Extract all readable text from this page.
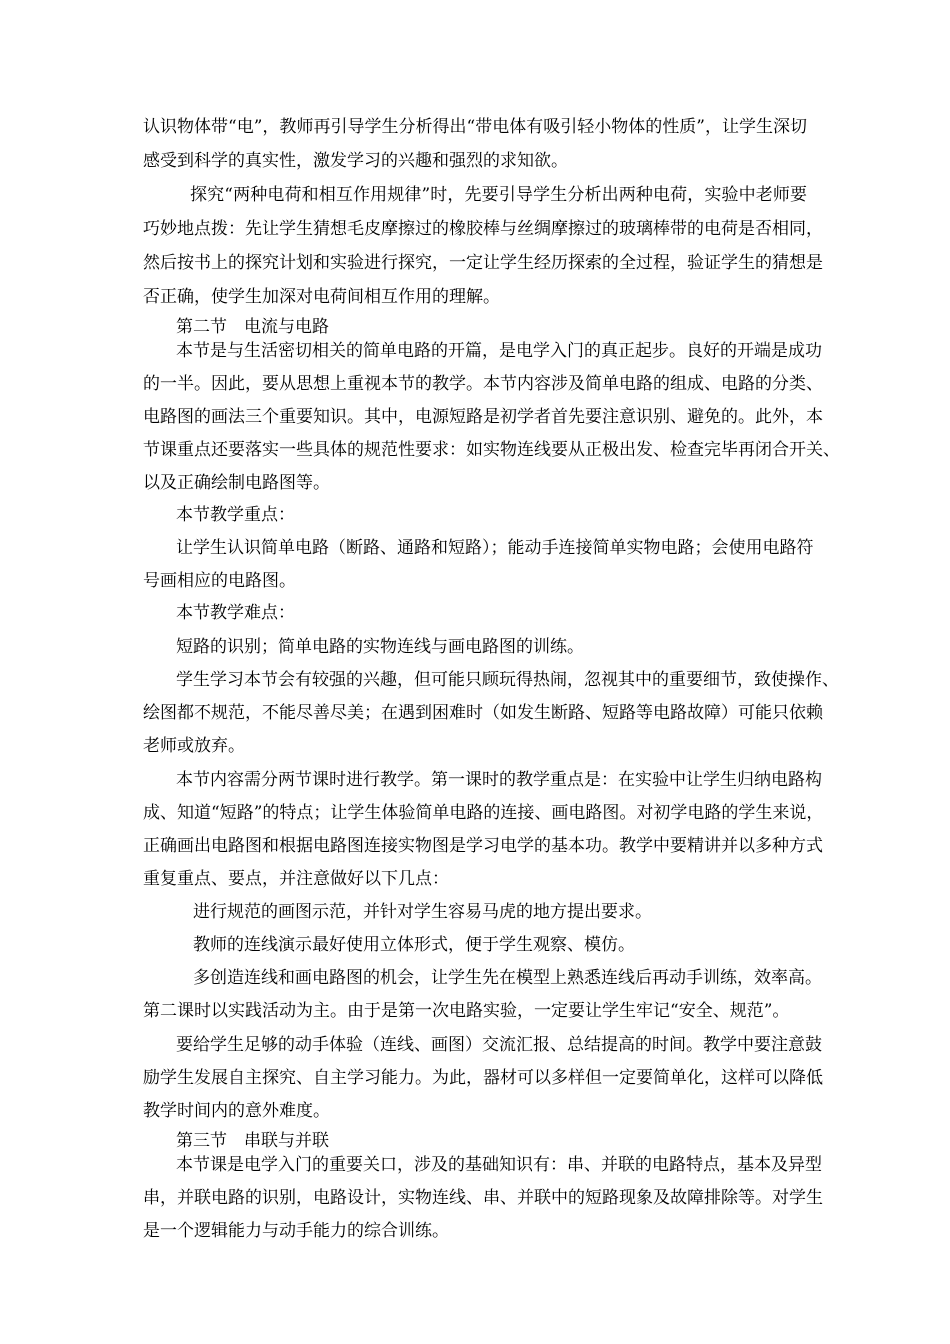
认识物体带“电”，教师再引导学生分析得出“带电体有吸引轻小物体的性质”，让学生深切

感受到科学的真实性，激发学习的兴趣和强烈的求知欲。

探究“两种电荷和相互作用规律”时，先要引导学生分析出两种电荷，实验中老师要

巧妙地点拨：先让学生猜想毛皮摩擦过的橡胶棒与丝绸摩擦过的玻璃棒带的电荷是否相同，

然后按书上的探究计划和实验进行探究，一定让学生经历探索的全过程，验证学生的猜想是

否正确，使学生加深对电荷间相互作用的理解。

第二节　电流与电路

本节是与生活密切相关的简单电路的开篇，是电学入门的真正起步。良好的开端是成功

的一半。因此，要从思想上重视本节的教学。本节内容涉及简单电路的组成、电路的分类、

电路图的画法三个重要知识。其中，电源短路是初学者首先要注意识别、避免的。此外，本

节课重点还要落实一些具体的规范性要求：如实物连线要从正极出发、检查完毕再闭合开关、

以及正确绘制电路图等。

本节教学重点：

让学生认识简单电路（断路、通路和短路）；能动手连接简单实物电路；会使用电路符

号画相应的电路图。

本节教学难点：

短路的识别；简单电路的实物连线与画电路图的训练。

学生学习本节会有较强的兴趣，但可能只顾玩得热闹，忽视其中的重要细节，致使操作、

绘图都不规范，不能尽善尽美；在遇到困难时（如发生断路、短路等电路故障）可能只依赖

老师或放弃。

本节内容需分两节课时进行教学。第一课时的教学重点是：在实验中让学生归纳电路构

成、知道“短路”的特点；让学生体验简单电路的连接、画电路图。对初学电路的学生来说，

正确画出电路图和根据电路图连接实物图是学习电学的基本功。教学中要精讲并以多种方式

重复重点、要点，并注意做好以下几点：

进行规范的画图示范，并针对学生容易马虎的地方提出要求。

教师的连线演示最好使用立体形式，便于学生观察、模仿。

多创造连线和画电路图的机会，让学生先在模型上熟悉连线后再动手训练，效率高。

第二课时以实践活动为主。由于是第一次电路实验，一定要让学生牢记“安全、规范”。

要给学生足够的动手体验（连线、画图）交流汇报、总结提高的时间。教学中要注意鼓

励学生发展自主探究、自主学习能力。为此，器材可以多样但一定要简单化，这样可以降低

教学时间内的意外难度。

第三节　串联与并联

本节课是电学入门的重要关口，涉及的基础知识有：串、并联的电路特点，基本及异型

串，并联电路的识别，电路设计，实物连线、串、并联中的短路现象及故障排除等。对学生

是一个逻辑能力与动手能力的综合训练。
